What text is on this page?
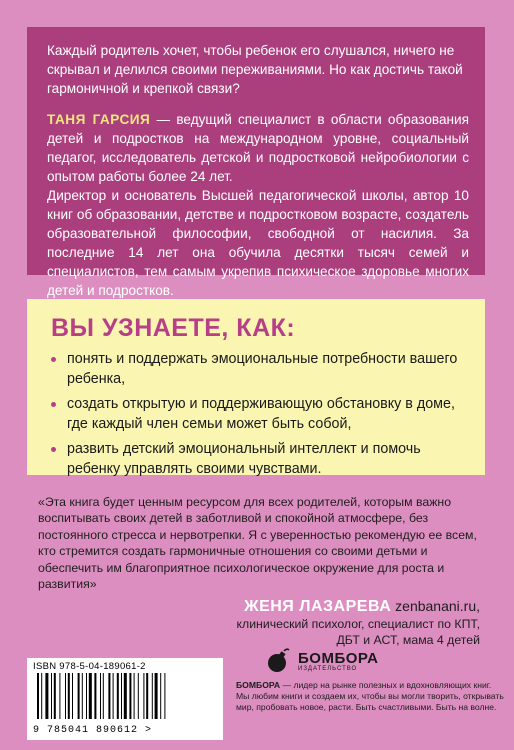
Каждый родитель хочет, чтобы ребенок его слушался, ничего не скрывал и делился своими переживаниями. Но как достичь такой гармоничной и крепкой связи?

ТАНЯ ГАРСИЯ — ведущий специалист в области образования детей и подростков на международном уровне, социальный педагог, исследователь детской и подростковой нейробиологии с опытом работы более 24 лет.

Директор и основатель Высшей педагогической школы, автор 10 книг об образовании, детстве и подростковом возрасте, создатель образовательной философии, свободной от насилия. За последние 14 лет она обучила десятки тысяч семей и специалистов, тем самым укрепив психическое здоровье многих детей и подростков.

ВЫ УЗНАЕТЕ, КАК:
понять и поддержать эмоциональные потребности вашего ребенка,
создать открытую и поддерживающую обстановку в доме, где каждый член семьи может быть собой,
развить детский эмоциональный интеллект и помочь ребенку управлять своими чувствами.

«Эта книга будет ценным ресурсом для всех родителей, которым важно воспитывать своих детей в заботливой и спокойной атмосфере, без постоянного стресса и нервотрепки. Я с уверенностью рекомендую ее всем, кто стремится создать гармоничные отношения со своими детьми и обеспечить им благоприятное психологическое окружение для роста и развития»

ЖЕНЯ ЛАЗАРЕВА zenbanani.ru,
клинический психолог, специалист по КПТ,
ДБТ и АСТ, мама 4 детей
ISBN 978-5-04-189061-2
9 785041 890612 >
БОМБОРА
ИЗДАТЕЛЬСТВО
БОМБОРА — лидер на рынке полезных и вдохновляющих книг. Мы любим книги и создаем их, чтобы вы могли творить, открывать мир, пробовать новое, расти. Быть счастливыми. Быть на волне.
